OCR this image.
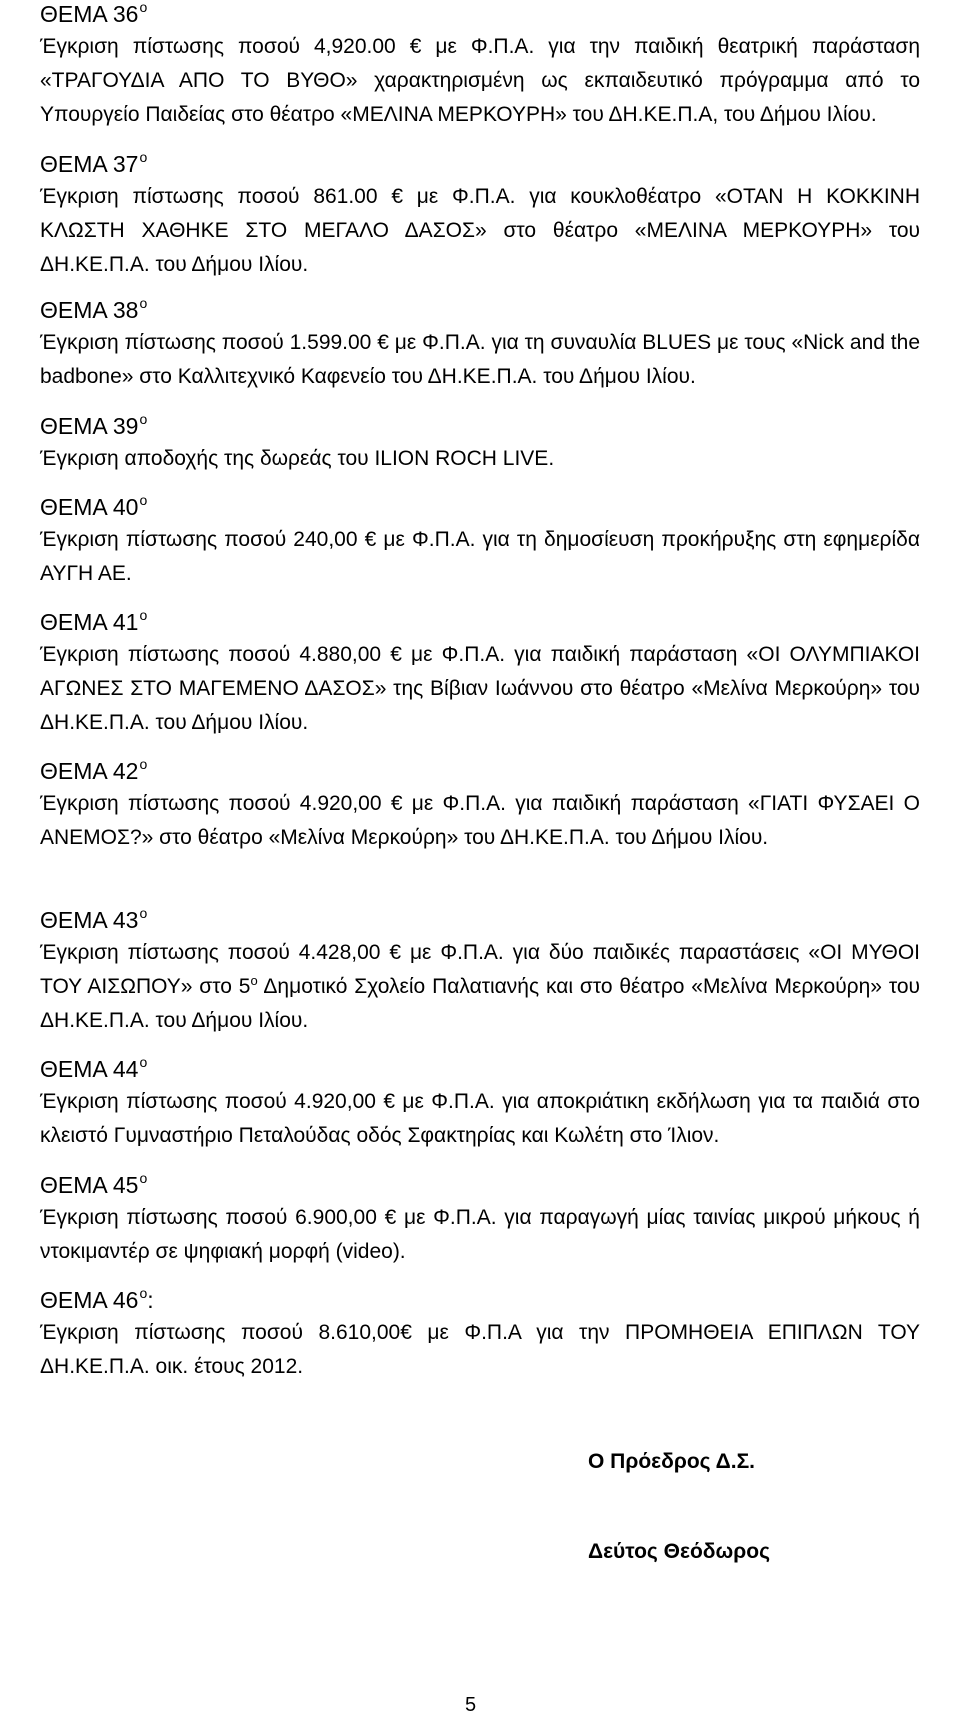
ΘΕΜΑ $36^o$

Έγκριση πίστωσης ποσού 4,920.00 € με Φ.Π.Α. για την παιδική θεατρική παράσταση «ΤΡΑΓΟΥΔΙΑ ΑΠΟ ΤΟ ΒΥΘΟ» χαρακτηρισμένη ως εκπαιδευτικό πρόγραμμα από το Υπουργείο Παιδείας στο θέατρο «ΜΕΛΙΝΑ ΜΕΡΚΟΥΡΗ» του ΔΗ.ΚΕ.Π.Α, του Δήμου Ιλίου.

ΘΕΜΑ $37^o$

Έγκριση πίστωσης ποσού 861.00 € με Φ.Π.Α. για κουκλοθέατρο «ΟΤΑΝ Η ΚΟΚΚΙΝΗ ΚΛΩΣΤΗ ΧΑΘΗΚΕ ΣΤΟ ΜΕΓΑΛΟ ΔΑΣΟΣ» στο θέατρο «ΜΕΛΙΝΑ ΜΕΡΚΟΥΡΗ» του ΔΗ.ΚΕ.Π.Α. του Δήμου Ιλίου.

ΘΕΜΑ $38^o$

Έγκριση πίστωσης ποσού 1.599.00 € με Φ.Π.Α. για τη συναυλία BLUES με τους «Nick and the badbone» στο Καλλιτεχνικό Καφενείο του ΔΗ.ΚΕ.Π.Α. του Δήμου Ιλίου.

ΘΕΜΑ $39^o$

Έγκριση αποδοχής της δωρεάς του ILION ROCH LIVE.

ΘΕΜΑ $40^o$

Έγκριση πίστωσης ποσού 240,00 € με Φ.Π.Α. για τη δημοσίευση προκήρυξης στη εφημερίδα ΑΥΓΗ ΑΕ.

ΘΕΜΑ $41^o$

Έγκριση πίστωσης ποσού 4.880,00 € με Φ.Π.Α. για παιδική παράσταση «ΟΙ ΟΛΥΜΠΙΑΚΟΙ ΑΓΩΝΕΣ ΣΤΟ ΜΑΓΕΜΕΝΟ ΔΑΣΟΣ» της Βίβιαν Ιωάννου στο θέατρο «Μελίνα Μερκούρη» του ΔΗ.ΚΕ.Π.Α. του Δήμου Ιλίου.

ΘΕΜΑ $42^o$

Έγκριση πίστωσης ποσού 4.920,00 € με Φ.Π.Α. για παιδική παράσταση «ΓΙΑΤΙ ΦΥΣΑΕΙ Ο ΑΝΕΜΟΣ?» στο θέατρο «Μελίνα Μερκούρη» του ΔΗ.ΚΕ.Π.Α. του Δήμου Ιλίου.

ΘΕΜΑ $43^o$

Έγκριση πίστωσης ποσού 4.428,00 € με Φ.Π.Α. για δύο παιδικές παραστάσεις «ΟΙ ΜΥΘΟΙ ΤΟΥ ΑΙΣΩΠΟΥ» στο $5^o$ Δημοτικό Σχολείο Παλατιανής και στο θέατρο «Μελίνα Μερκούρη» του ΔΗ.ΚΕ.Π.Α. του Δήμου Ιλίου.

ΘΕΜΑ $44^o$

Έγκριση πίστωσης ποσού 4.920,00 € με Φ.Π.Α. για αποκριάτικη εκδήλωση για τα παιδιά στο κλειστό Γυμναστήριο Πεταλούδας οδός Σφακτηρίας και Κωλέτη στο Ίλιον.

ΘΕΜΑ $45^o$

Έγκριση πίστωσης ποσού 6.900,00 € με Φ.Π.Α. για παραγωγή μίας ταινίας μικρού μήκους ή ντοκιμαντέρ σε ψηφιακή μορφή (video).

ΘΕΜΑ $46^o$:

Έγκριση πίστωσης ποσού 8.610,00€ με Φ.Π.Α για την ΠΡΟΜΗΘΕΙΑ ΕΠΙΠΛΩΝ ΤΟΥ ΔΗ.ΚΕ.Π.Α. οικ. έτους 2012.

Ο Πρόεδρος Δ.Σ.

Δεύτος Θεόδωρος

5
